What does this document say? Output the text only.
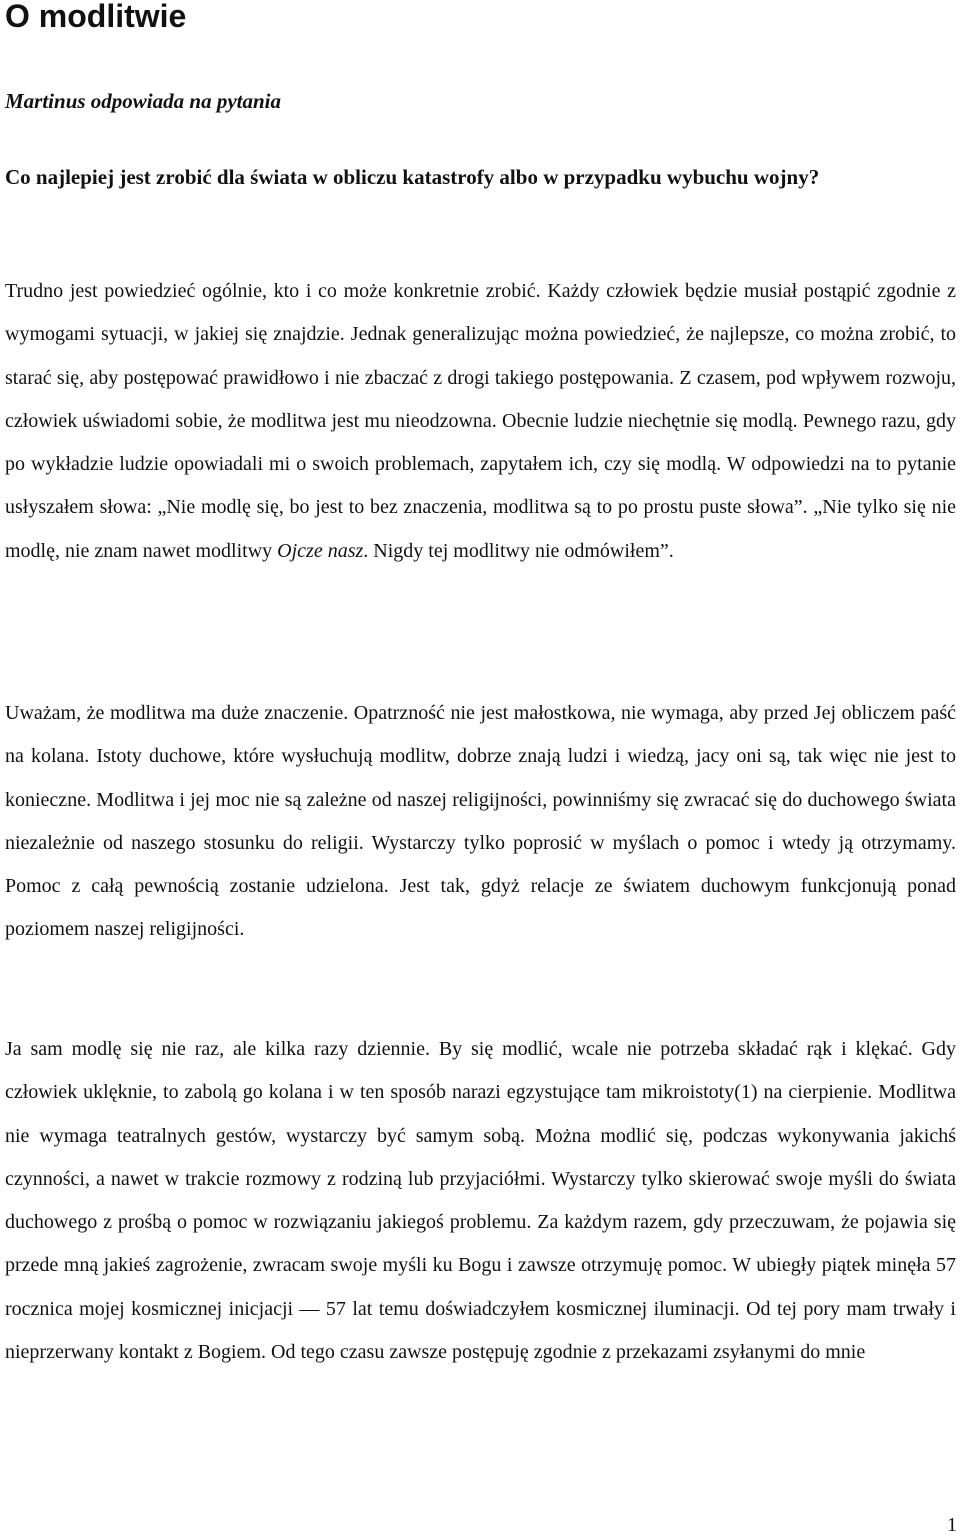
O modlitwie

Martinus odpowiada na pytania

Co najlepiej jest zrobić dla świata w obliczu katastrofy albo w przypadku wybuchu wojny?

Trudno jest powiedzieć ogólnie, kto i co może konkretnie zrobić. Każdy człowiek będzie musiał postąpić zgodnie z wymogami sytuacji, w jakiej się znajdzie. Jednak generalizując można powiedzieć, że najlepsze, co można zrobić, to starać się, aby postępować prawidłowo i nie zbaczać z drogi takiego postępowania. Z czasem, pod wpływem rozwoju, człowiek uświadomi sobie, że modlitwa jest mu nieodzowna. Obecnie ludzie niechętnie się modlą. Pewnego razu, gdy po wykładzie ludzie opowiadali mi o swoich problemach, zapytałem ich, czy się modlą. W odpowiedzi na to pytanie usłyszałem słowa: „Nie modlę się, bo jest to bez znaczenia, modlitwa są to po prostu puste słowa”. „Nie tylko się nie modlę, nie znam nawet modlitwy Ojcze nasz. Nigdy tej modlitwy nie odmówiłem”.

Uważam, że modlitwa ma duże znaczenie. Opatrzność nie jest małostkowa, nie wymaga, aby przed Jej obliczem paść na kolana. Istoty duchowe, które wysłuchują modlitw, dobrze znają ludzi i wiedzą, jacy oni są, tak więc nie jest to konieczne. Modlitwa i jej moc nie są zależne od naszej religijności, powinniśmy się zwracać się do duchowego świata niezależnie od naszego stosunku do religii. Wystarczy tylko poprosić w myślach o pomoc i wtedy ją otrzymamy. Pomoc z całą pewnością zostanie udzielona. Jest tak, gdyż relacje ze światem duchowym funkcjonują ponad poziomem naszej religijności.

Ja sam modlę się nie raz, ale kilka razy dziennie. By się modlić, wcale nie potrzeba składać rąk i klękać. Gdy człowiek uklęknie, to zabolą go kolana i w ten sposób narazi egzystujące tam mikroistoty(1) na cierpienie. Modlitwa nie wymaga teatralnych gestów, wystarczy być samym sobą. Można modlić się, podczas wykonywania jakichś czynności, a nawet w trakcie rozmowy z rodziną lub przyjaciółmi. Wystarczy tylko skierować swoje myśli do świata duchowego z prośbą o pomoc w rozwiązaniu jakiegoś problemu. Za każdym razem, gdy przeczuwam, że pojawia się przede mną jakieś zagrożenie, zwracam swoje myśli ku Bogu i zawsze otrzymuję pomoc. W ubiegły piątek minęła 57 rocznica mojej kosmicznej inicjacji — 57 lat temu doświadczyłem kosmicznej iluminacji. Od tej pory mam trwały i nieprzerwany kontakt z Bogiem. Od tego czasu zawsze postępuję zgodnie z przekazami zsyłanymi do mnie

1
